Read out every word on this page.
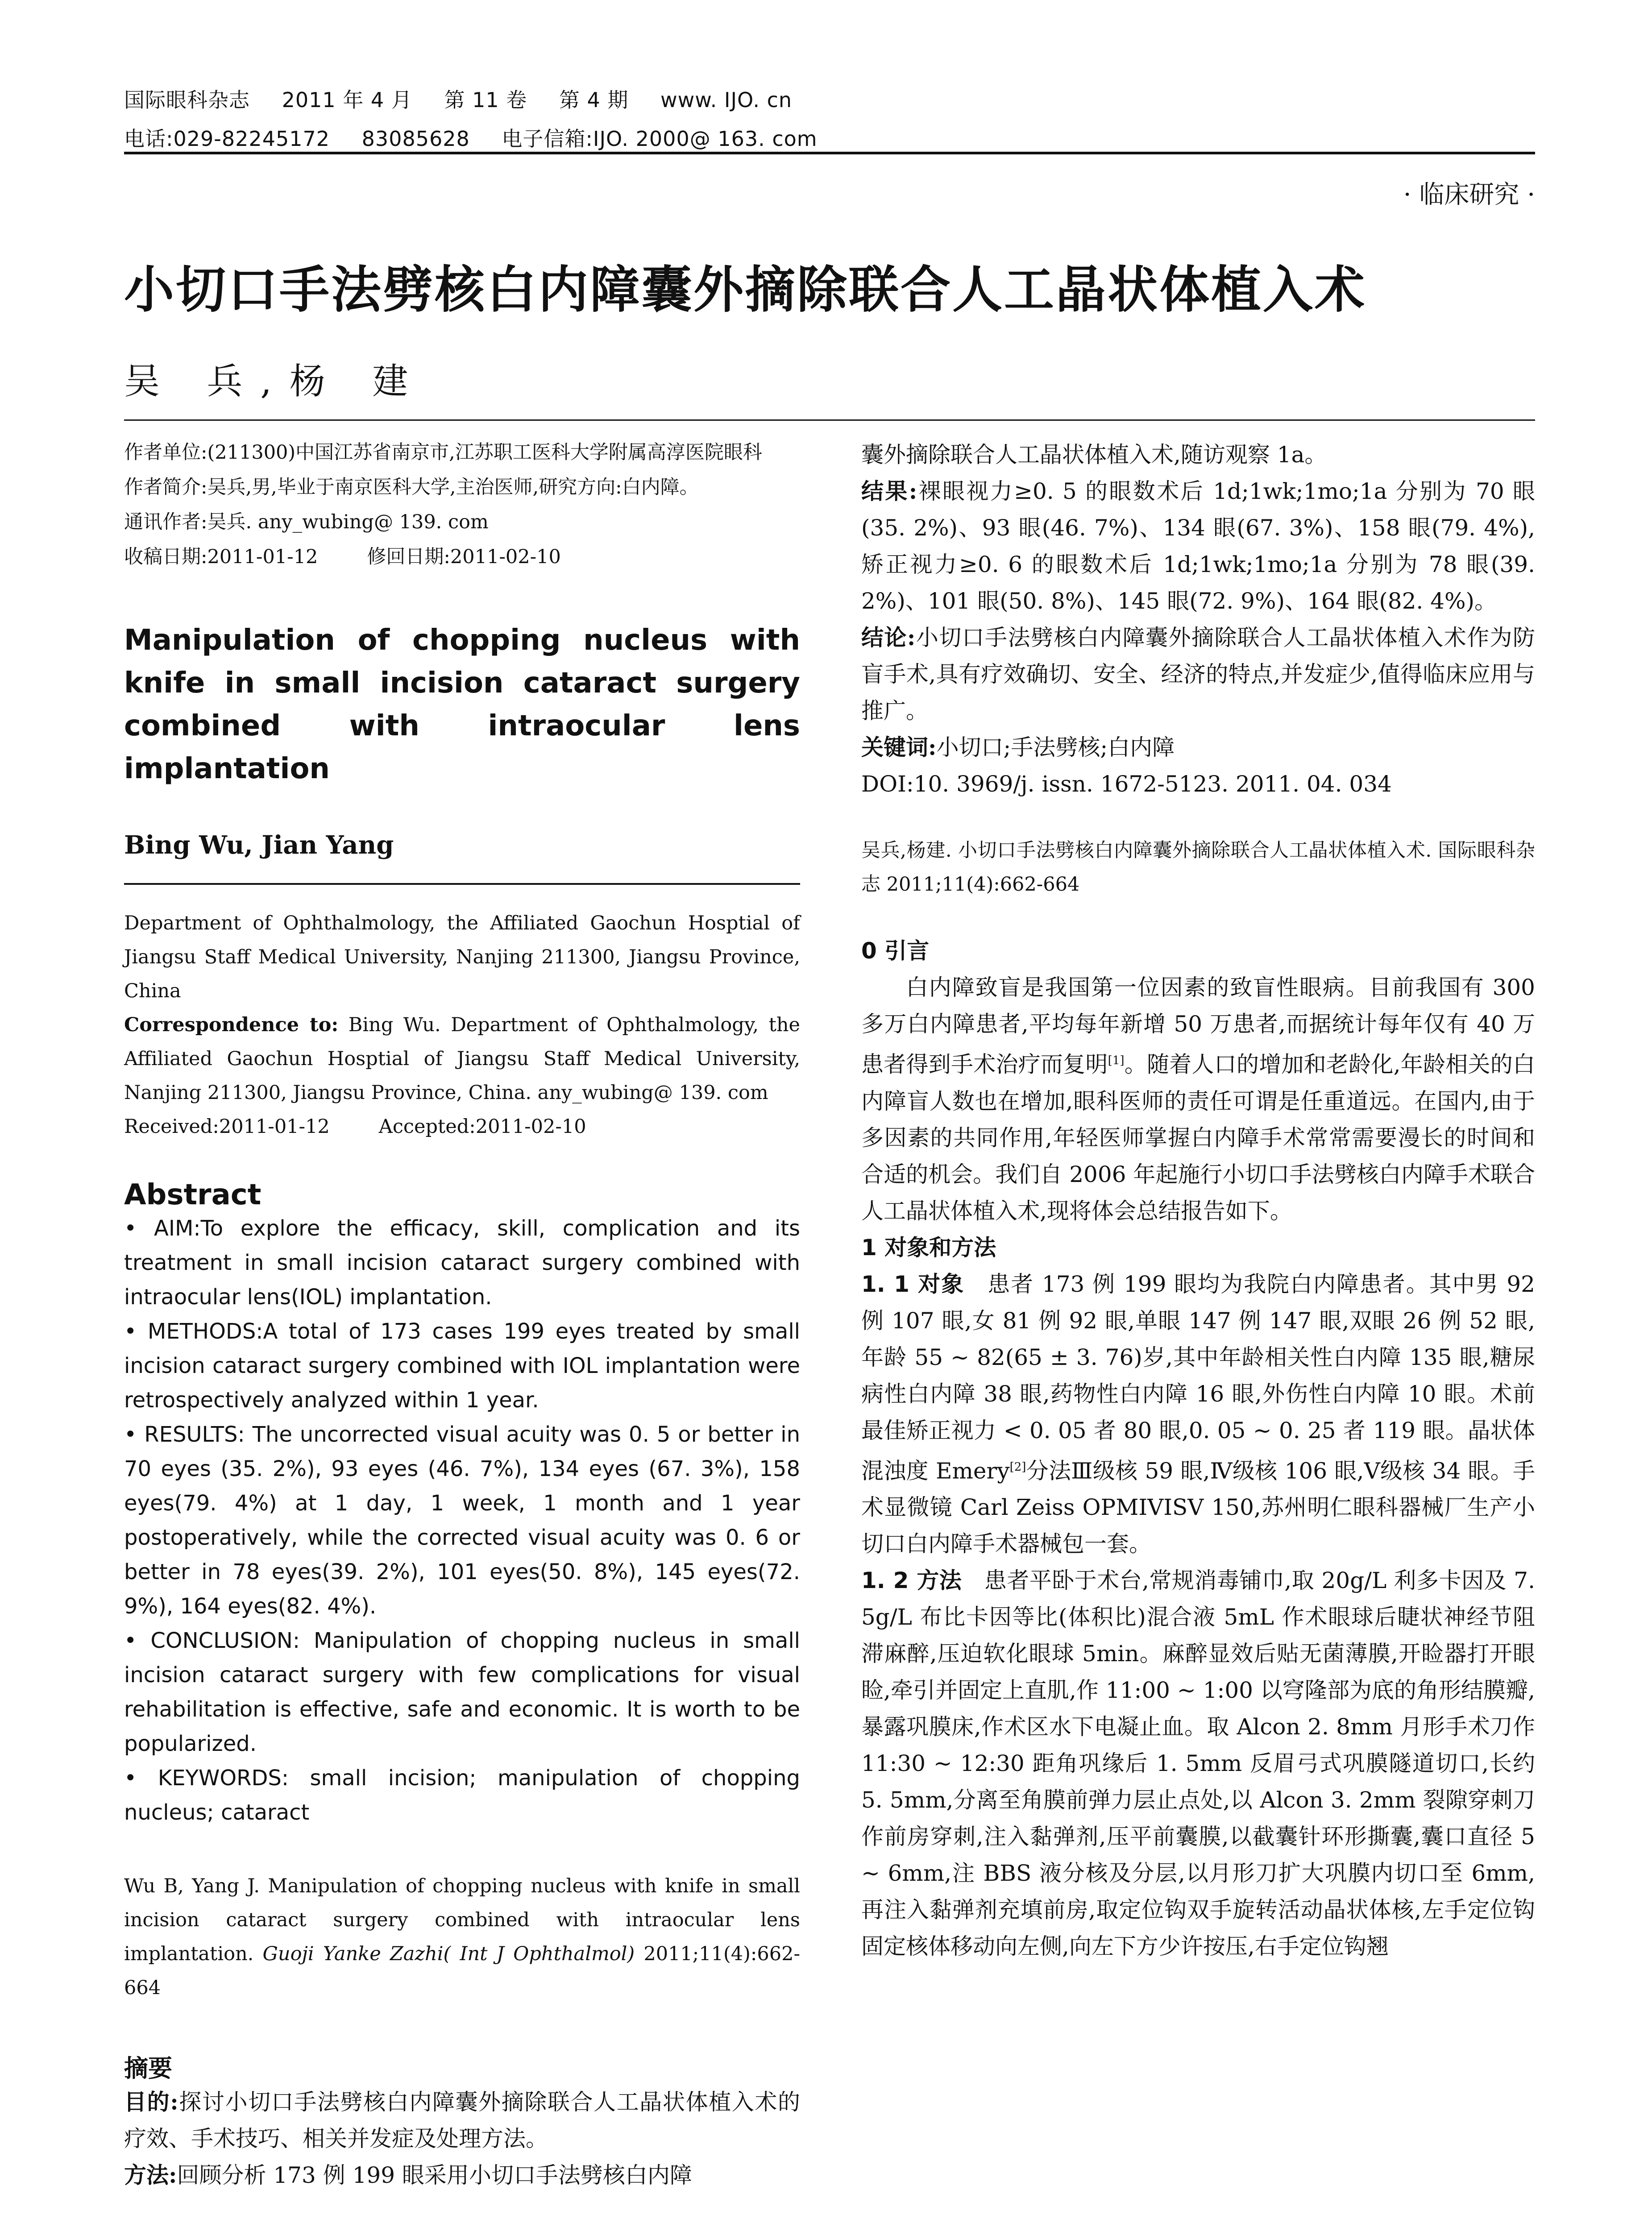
国际眼科杂志 2011 年 4 月 第 11 卷 第 4 期 www. IJO. cn
电话:029-82245172 83085628 电子信箱:IJO. 2000@ 163. com
· 临床研究 ·
小切口手法劈核白内障囊外摘除联合人工晶状体植入术
吴 兵,杨 建

作者单位:(211300)中国江苏省南京市,江苏职工医科大学附属高淳医院眼科

作者简介:吴兵,男,毕业于南京医科大学,主治医师,研究方向:白内障。

通讯作者:吴兵. any_wubing@ 139. com

收稿日期:2011-01-12	修回日期:2011-02-10

Manipulation of chopping nucleus with knife in small incision cataract surgery combined with intraocular lens implantation

Bing Wu, Jian Yang

Department of Ophthalmology, the Affiliated Gaochun Hosptial of Jiangsu Staff Medical University, Nanjing 211300, Jiangsu Province, China

Correspondence to: Bing Wu. Department of Ophthalmology, the Affiliated Gaochun Hosptial of Jiangsu Staff Medical University, Nanjing 211300, Jiangsu Province, China. any_wubing@ 139. com

Received:2011-01-12	Accepted:2011-02-10

Abstract

• AIM:To explore the efficacy, skill, complication and its treatment in small incision cataract surgery combined with intraocular lens(IOL) implantation.

• METHODS:A total of 173 cases 199 eyes treated by small incision cataract surgery combined with IOL implantation were retrospectively analyzed within 1 year.

• RESULTS: The uncorrected visual acuity was 0. 5 or better in 70 eyes (35. 2%), 93 eyes (46. 7%), 134 eyes (67. 3%), 158 eyes(79. 4%) at 1 day, 1 week, 1 month and 1 year postoperatively, while the corrected visual acuity was 0. 6 or better in 78 eyes(39. 2%), 101 eyes(50. 8%), 145 eyes(72. 9%), 164 eyes(82. 4%).

• CONCLUSION: Manipulation of chopping nucleus in small incision cataract surgery with few complications for visual rehabilitation is effective, safe and economic. It is worth to be popularized.

• KEYWORDS: small incision; manipulation of chopping nucleus; cataract

Wu B, Yang J. Manipulation of chopping nucleus with knife in small incision cataract surgery combined with intraocular lens implantation. Guoji Yanke Zazhi( Int J Ophthalmol) 2011;11(4):662-664

摘要

目的:探讨小切口手法劈核白内障囊外摘除联合人工晶状体植入术的疗效、手术技巧、相关并发症及处理方法。

方法:回顾分析 173 例 199 眼采用小切口手法劈核白内障

囊外摘除联合人工晶状体植入术,随访观察 1a。

结果:裸眼视力≥0. 5 的眼数术后 1d;1wk;1mo;1a 分别为 70 眼(35. 2%)、93 眼(46. 7%)、134 眼(67. 3%)、158 眼(79. 4%),矫正视力≥0. 6 的眼数术后 1d;1wk;1mo;1a 分别为 78 眼(39. 2%)、101 眼(50. 8%)、145 眼(72. 9%)、164 眼(82. 4%)。

结论:小切口手法劈核白内障囊外摘除联合人工晶状体植入术作为防盲手术,具有疗效确切、安全、经济的特点,并发症少,值得临床应用与推广。

关键词:小切口;手法劈核;白内障

DOI:10. 3969/j. issn. 1672-5123. 2011. 04. 034

吴兵,杨建. 小切口手法劈核白内障囊外摘除联合人工晶状体植入术. 国际眼科杂志 2011;11(4):662-664

0 引言

白内障致盲是我国第一位因素的致盲性眼病。目前我国有 300 多万白内障患者,平均每年新增 50 万患者,而据统计每年仅有 40 万患者得到手术治疗而复明[1]。随着人口的增加和老龄化,年龄相关的白内障盲人数也在增加,眼科医师的责任可谓是任重道远。在国内,由于多因素的共同作用,年轻医师掌握白内障手术常常需要漫长的时间和合适的机会。我们自 2006 年起施行小切口手法劈核白内障手术联合人工晶状体植入术,现将体会总结报告如下。

1 对象和方法

1. 1 对象 患者 173 例 199 眼均为我院白内障患者。其中男 92 例 107 眼,女 81 例 92 眼,单眼 147 例 147 眼,双眼 26 例 52 眼,年龄 55 ~ 82(65 ± 3. 76)岁,其中年龄相关性白内障 135 眼,糖尿病性白内障 38 眼,药物性白内障 16 眼,外伤性白内障 10 眼。术前最佳矫正视力 < 0. 05 者 80 眼,0. 05 ~ 0. 25 者 119 眼。晶状体混浊度 Emery[2]分法Ⅲ级核 59 眼,Ⅳ级核 106 眼,Ⅴ级核 34 眼。手术显微镜 Carl Zeiss OPMIVISV 150,苏州明仁眼科器械厂生产小切口白内障手术器械包一套。

1. 2 方法 患者平卧于术台,常规消毒铺巾,取 20g/L 利多卡因及 7. 5g/L 布比卡因等比(体积比)混合液 5mL 作术眼球后睫状神经节阻滞麻醉,压迫软化眼球 5min。麻醉显效后贴无菌薄膜,开睑器打开眼睑,牵引并固定上直肌,作 11:00 ~ 1:00 以穹隆部为底的角形结膜瓣,暴露巩膜床,作术区水下电凝止血。取 Alcon 2. 8mm 月形手术刀作 11:30 ~ 12:30 距角巩缘后 1. 5mm 反眉弓式巩膜隧道切口,长约 5. 5mm,分离至角膜前弹力层止点处,以 Alcon 3. 2mm 裂隙穿刺刀作前房穿刺,注入黏弹剂,压平前囊膜,以截囊针环形撕囊,囊口直径 5 ~ 6mm,注 BBS 液分核及分层,以月形刀扩大巩膜内切口至 6mm,再注入黏弹剂充填前房,取定位钩双手旋转活动晶状体核,左手定位钩固定核体移动向左侧,向左下方少许按压,右手定位钩翘
